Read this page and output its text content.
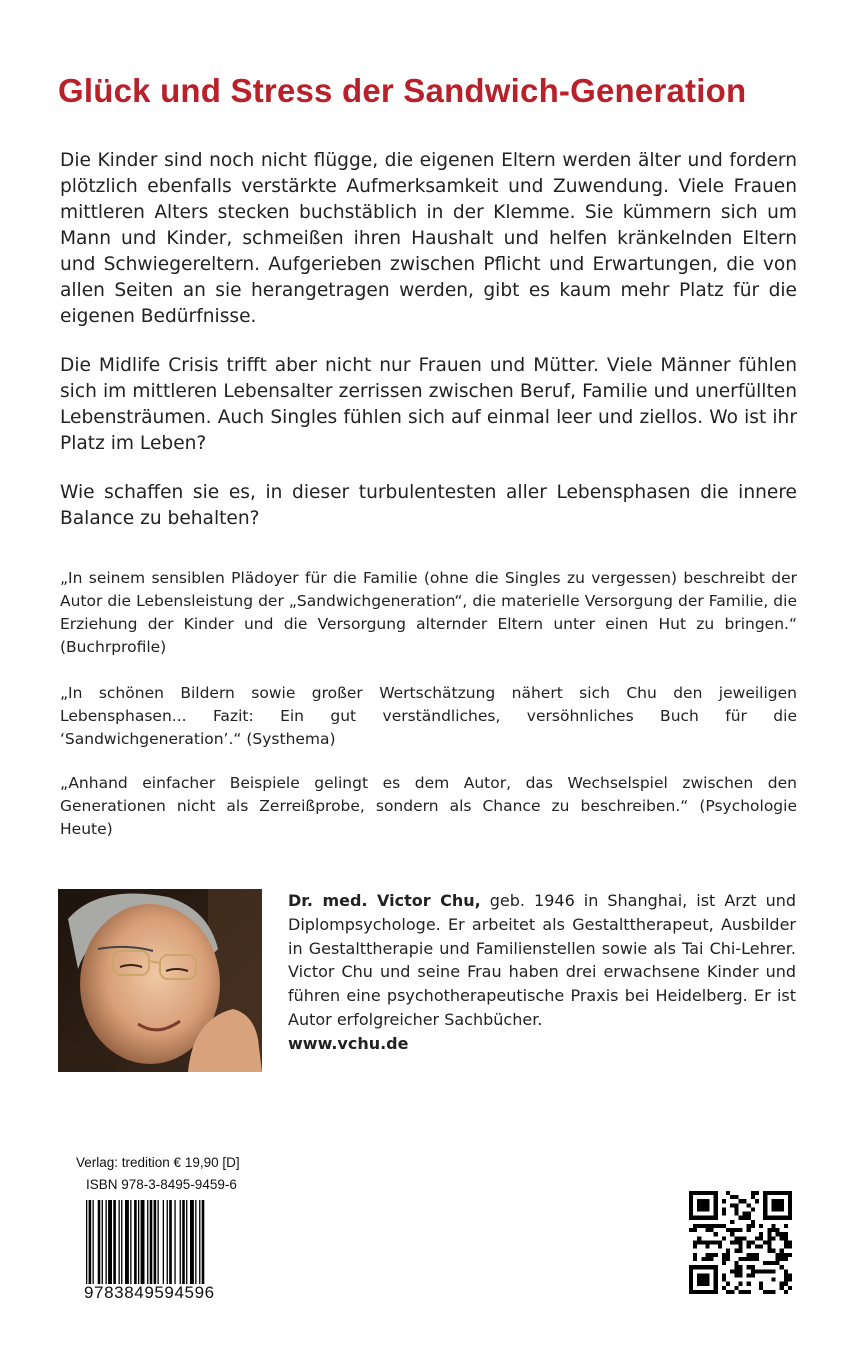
Glück und Stress der Sandwich-Generation
Die Kinder sind noch nicht flügge, die eigenen Eltern werden älter und fordern plötzlich ebenfalls verstärkte Aufmerksamkeit und Zuwendung. Viele Frauen mittleren Alters stecken buchstäblich in der Klemme. Sie kümmern sich um Mann und Kinder, schmeißen ihren Haushalt und helfen kränkelnden Eltern und Schwiegereltern. Aufgerieben zwischen Pflicht und Erwartungen, die von allen Seiten an sie herangetragen werden, gibt es kaum mehr Platz für die eigenen Bedürfnisse.
Die Midlife Crisis trifft aber nicht nur Frauen und Mütter. Viele Männer fühlen sich im mittleren Lebensalter zerrissen zwischen Beruf, Familie und unerfüllten Lebensträumen. Auch Singles fühlen sich auf einmal leer und ziellos. Wo ist ihr Platz im Leben?
Wie schaffen sie es, in dieser turbulentesten aller Lebensphasen die innere Balance zu behalten?
„In seinem sensiblen Plädoyer für die Familie (ohne die Singles zu vergessen) beschreibt der Autor die Lebensleistung der „Sandwichgeneration“, die materielle Versorgung der Familie, die Erziehung der Kinder und die Versorgung alternder Eltern unter einen Hut zu bringen.“ (Buchrprofile)
„In schönen Bildern sowie großer Wertschätzung nähert sich Chu den jeweiligen Lebensphasen... Fazit: Ein gut verständliches, versöhnliches Buch für die ‘Sandwichgeneration’.“ (Systhema)
„Anhand einfacher Beispiele gelingt es dem Autor, das Wechselspiel zwischen den Generationen nicht als Zerreißprobe, sondern als Chance zu beschreiben.“ (Psychologie Heute)
Dr. med. Victor Chu, geb. 1946 in Shanghai, ist Arzt und Diplompsychologe. Er arbeitet als Gestalttherapeut, Ausbilder in Gestalttherapie und Familienstellen sowie als Tai Chi-Lehrer. Victor Chu und seine Frau haben drei erwachsene Kinder und führen eine psychotherapeutische Praxis bei Heidelberg. Er ist Autor erfolgreicher Sachbücher.
www.vchu.de
Verlag: tredition € 19,90 [D]
ISBN 978-3-8495-9459-6
9783849594596
